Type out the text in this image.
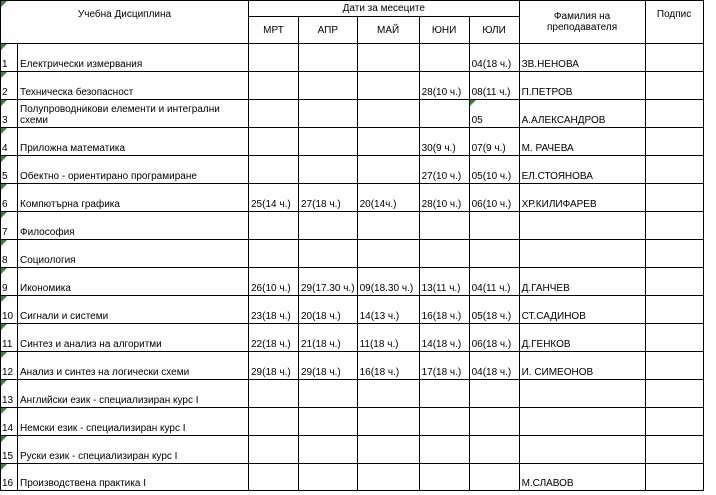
Учебна Дисциплина		Дати за месеците					Фамилия на преподавателя	Подпис
		МРТ	АПР	МАЙ	ЮНИ	ЮЛИ		
1	Електрически измервания					04(18 ч.)	ЗВ.НЕНОВА	
2	Техническа безопасност				28(10 ч.)	08(11 ч.)	П.ПЕТРОВ	
3	Полупроводникови елементи и интегрални схеми					05	А.АЛЕКСАНДРОВ	
4	Приложна математика				30(9 ч.)	07(9 ч.)	М. РАЧЕВА	
5	Обектно - ориентирано програмиране				27(10 ч.)	05(10 ч.)	ЕЛ.СТОЯНОВА	
6	Компютърна графика	25(14 ч.)	27(18 ч.)	20(14ч.)	28(10 ч.)	06(10 ч.)	ХР.КИЛИФАРЕВ	
7	Философия							
8	Социология							
9	Икономика	26(10 ч.)	29(17.30 ч.)	09(18.30 ч.)	13(11 ч.)	04(11 ч.)	Д.ГАНЧЕВ	
10	Сигнали и системи	23(18 ч.)	20(18 ч.)	14(13 ч.)	16(18 ч.)	05(18 ч.)	СТ.САДИНОВ	
11	Синтез и анализ на алгоритми	22(18 ч.)	21(18 ч.)	11(18 ч.)	14(18 ч.)	06(18 ч.)	Д.ГЕНКОВ	
12	Анализ и синтез на логически схеми	29(18 ч.)	29(18 ч.)	16(18 ч.)	17(18 ч.)	04(18 ч.)	И. СИМЕОНОВ	
13	Английски език - специализиран курс I							
14	Немски език - специализиран курс I							
15	Руски език - специализиран курс I							
16	Производствена практика I						М.СЛАВОВ	
